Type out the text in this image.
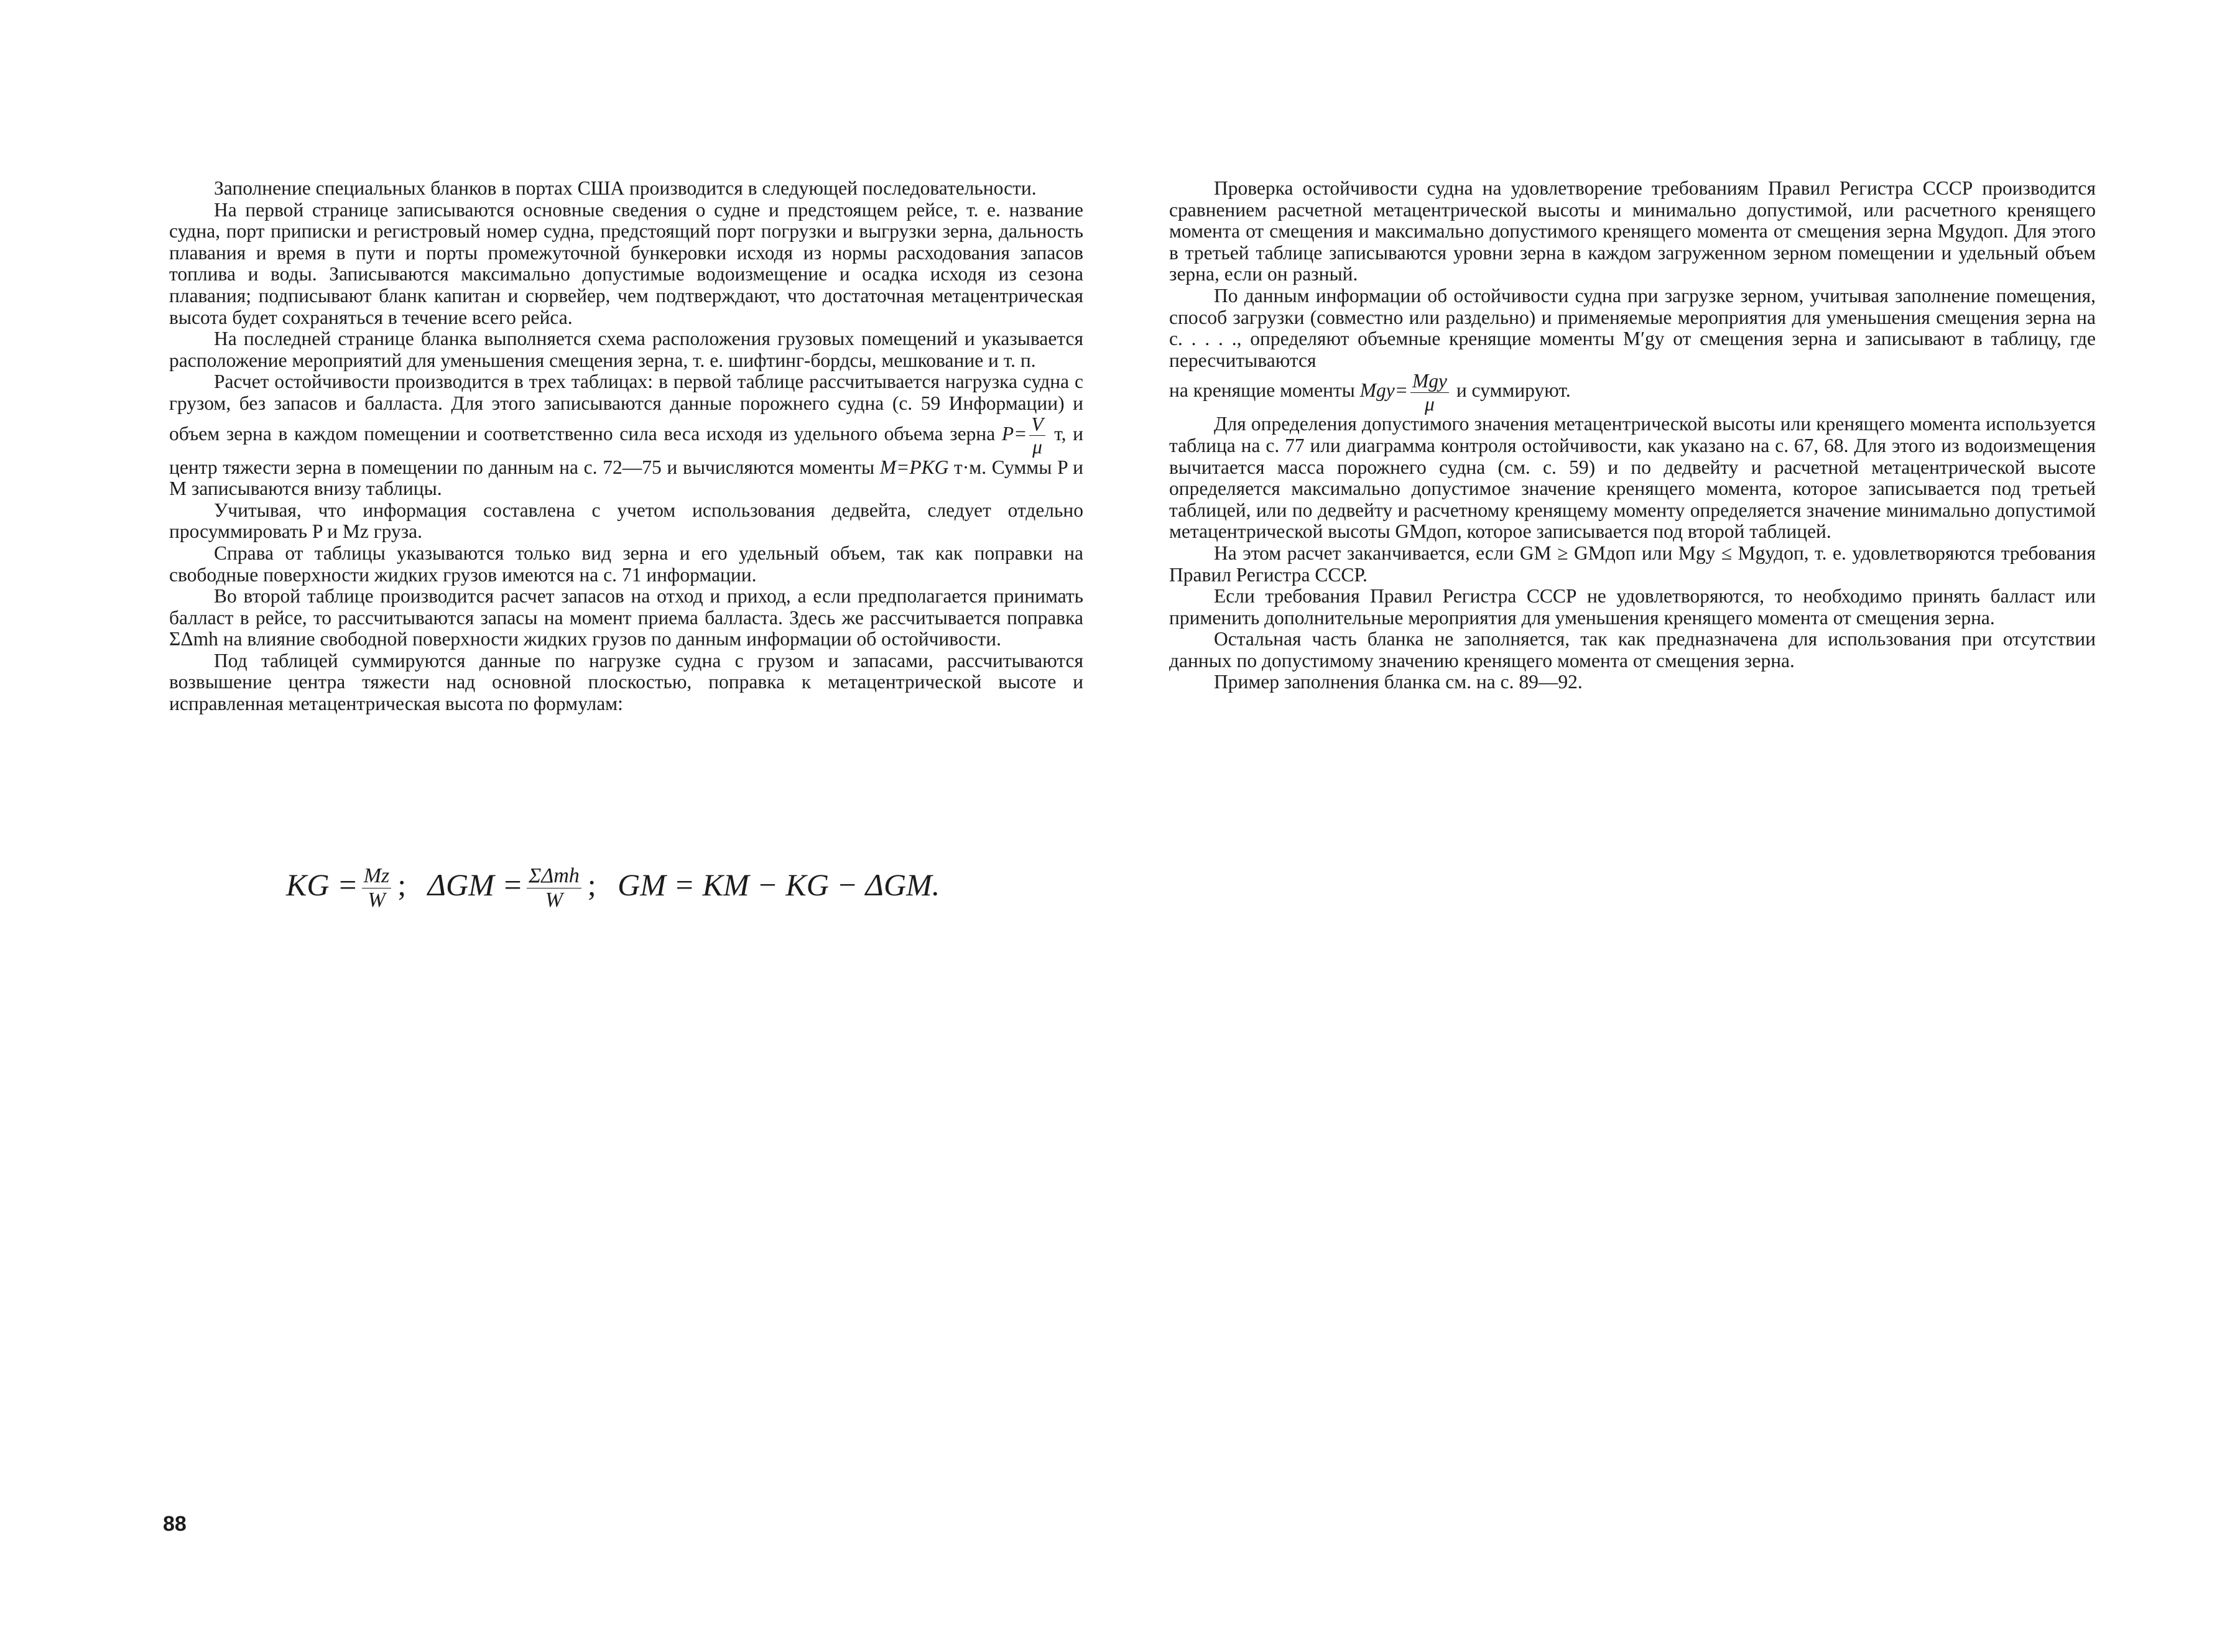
Заполнение специальных бланков в портах США производится в следующей последовательности.

На первой странице записываются основные сведения о судне и предстоящем рейсе, т. е. название судна, порт приписки и регистровый номер судна, предстоящий порт погрузки и выгрузки зерна, дальность плавания и время в пути и порты промежуточной бункеровки исходя из нормы расходования запасов топлива и воды. Записываются максимально допустимые водоизмещение и осадка исходя из сезона плавания; подписывают бланк капитан и сюрвейер, чем подтверждают, что достаточная метацентрическая высота будет сохраняться в течение всего рейса.

На последней странице бланка выполняется схема расположения грузовых помещений и указывается расположение мероприятий для уменьшения смещения зерна, т. е. шифтинг-бордсы, мешкование и т. п.

Расчет остойчивости производится в трех таблицах: в первой таблице рассчитывается нагрузка судна с грузом, без запасов и балласта. Для этого записываются данные порожнего судна (с. 59 Информации) и объем зерна в каждом помещении и соответственно сила веса исходя из удельного объема зерна $P= \frac{V}{\mu} т$, и центр тяжести зерна в помещении по данным на с. 72—75 и вычисляются моменты M=PKG т·м. Суммы P и M записываются внизу таблицы.

Учитывая, что информация составлена с учетом использования дедвейта, следует отдельно просуммировать P и Mz груза.

Справа от таблицы указываются только вид зерна и его удельный объем, так как поправки на свободные поверхности жидких грузов имеются на с. 71 информации.

Во второй таблице производится расчет запасов на отход и приход, а если предполагается принимать балласт в рейсе, то рассчитываются запасы на момент приема балласта. Здесь же рассчитывается поправка ΣΔmh на влияние свободной поверхности жидких грузов по данным информации об остойчивости.

Под таблицей суммируются данные по нагрузке судна с грузом и запасами, рассчитываются возвышение центра тяжести над основной плоскостью, поправка к метацентрической высоте и исправленная метацентрическая высота по формулам:

KG = $\frac{Mz}{W}$ ; $\Delta GM = \frac{\text{ΣΔmh}}{W}$ ; GM = KM − KG − ΔGM.

Проверка остойчивости судна на удовлетворение требованиям Правил Регистра СССР производится сравнением расчетной метацентрической высоты и минимально допустимой, или расчетного кренящего момента от смещения и максимально допустимого кренящего момента от смещения зерна Mgудоп. Для этого в третьей таблице записываются уровни зерна в каждом загруженном зерном помещении и удельный объем зерна, если он разный.

По данным информации об остойчивости судна при загрузке зерном, учитывая заполнение помещения, способ загрузки (совместно или раздельно) и применяемые мероприятия для уменьшения смещения зерна на с. . . . ., определяют объемные кренящие моменты M′gy от смещения зерна и записывают в таблицу, где пересчитываются
на кренящие моменты $Mgy= \frac{\text{Mgy}}{\mu}$ и суммируют.

Для определения допустимого значения метацентрической высоты или кренящего момента используется таблица на с. 77 или диаграмма контроля остойчивости, как указано на с. 67, 68. Для этого из водоизмещения вычитается масса порожнего судна (см. с. 59) и по дедвейту и расчетной метацентрической высоте определяется максимально допустимое значение кренящего момента, которое записывается под третьей таблицей, или по дедвейту и расчетному кренящему моменту определяется значение минимально допустимой метацентрической высоты GMдоп, которое записывается под второй таблицей.

На этом расчет заканчивается, если GM ≥ GMдоп или Mgy ≤ Mgудоп, т. е. удовлетворяются требования Правил Регистра СССР.

Если требования Правил Регистра СССР не удовлетворяются, то необходимо принять балласт или применить дополнительные мероприятия для уменьшения кренящего момента от смещения зерна.

Остальная часть бланка не заполняется, так как предназначена для использования при отсутствии данных по допустимому значению кренящего момента от смещения зерна.

Пример заполнения бланка см. на с. 89—92.

88
